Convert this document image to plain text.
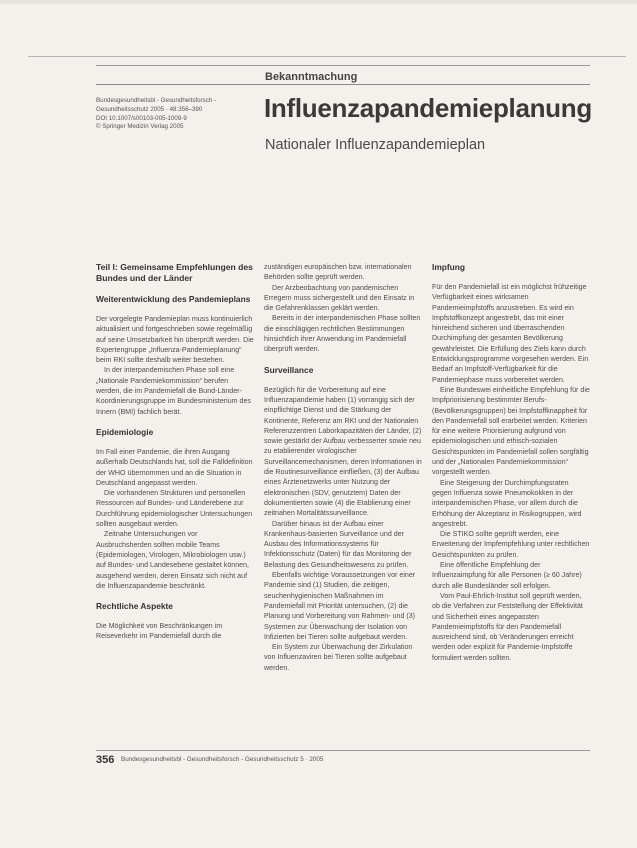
Bekanntmachung
Bundesgesundheitsbl - Gesundheitsforsch -
Gesundheitsschutz 2005 · 48:356–390
DOI 10.1007/s00103-005-1009-9
© Springer Medizin Verlag 2005
Influenzapandemieplanung
Nationaler Influenzapandemieplan
Teil I: Gemeinsame Empfehlungen des Bundes und der Länder
Weiterentwicklung des Pandemieplans

Der vorgelegte Pandemieplan muss kontinuierlich aktualisiert und fortgeschrieben sowie regelmäßig auf seine Umsetzbarkeit hin überprüft werden. Die Expertengruppe „Influenza-Pandemieplanung“ beim RKI sollte deshalb weiter bestehen.

In der interpandemischen Phase soll eine „Nationale Pandemiekommission“ berufen werden, die im Pandemiefall die Bund-Länder-Koordinierungsgruppe im Bundesministerium des Innern (BMI) fachlich berät.

Epidemiologie

Im Fall einer Pandemie, die ihren Ausgang außerhalb Deutschlands hat, soll die Falldefinition der WHO übernommen und an die Situation in Deutschland angepasst werden.

Die vorhandenen Strukturen und personellen Ressourcen auf Bundes- und Länderebene zur Durchführung epidemiologischer Untersuchungen sollten ausgebaut werden.

Zeitnahe Untersuchungen vor Ausbruchsherden sollten mobile Teams (Epidemiologen, Virologen, Mikrobiologen usw.) auf Bundes- und Landesebene gestaltet können, ausgehend werden, deren Einsatz sich nicht auf die Influenzapandemie beschränkt.

Rechtliche Aspekte

Die Möglichkeit von Beschränkungen im Reiseverkehr im Pandemiefall durch die

zuständigen europäischen bzw. internationalen Behörden sollte geprüft werden.

Der Arzbeobachtung von pandemischen Erregern muss sichergestellt und den Einsatz in die Gefahrenklassen geklärt werden.

Bereits in der interpandemischen Phase sollten die einschlägigen rechtlichen Bestimmungen hinsichtlich ihrer Anwendung im Pandemiefall überprüft werden.

Surveillance

Bezüglich für die Vorbereitung auf eine Influenzapandemie haben (1) vorrangig sich der einpflichtige Dienst und die Stärkung der Kontinente, Referenz am RKI und der Nationalen Referenzzentren Laborkapazitäten der Länder, (2) sowie gestärkt der Aufbau verbesserter sowie neu zu etablierender virologischer Surveillancemechanismen, deren Informationen in die Routinesurveillance einfließen, (3) der Aufbau eines Ärztenetzwerks unter Nutzung der elektronischen (SDV, genutztem) Daten der dokumentierten sowie (4) die Etablierung einer zeitnahen Mortalitätssurveillance.

Darüber hinaus ist der Aufbau einer Krankenhaus-basierten Surveillance und der Ausbau des Informationssystems für Infektionsschutz (Daten) für das Monitoring der Belastung des Gesundheitswesens zu prüfen.

Ebenfalls wichtige Voraussetzungen vor einer Pandemie sind (1) Studien, die zeitigen, seuchenhygienischen Maßnahmen im Pandemiefall mit Priorität untersuchen, (2) die Planung und Vorbereitung von Rahmen- und (3) Systemen zur Überwachung der Isolation von Infizierten bei Tieren sollte aufgebaut werden.

Ein System zur Überwachung der Zirkulation von Influenzaviren bei Tieren sollte aufgebaut werden.

Impfung

Für den Pandemiefall ist ein möglichst frühzeitige Verfügbarkeit eines wirksamen Pandemieimpfstoffs anzustreben. Es wird ein Impfstoffkonzept angestrebt, das mit einer hinreichend sicheren und überraschenden Durchimpfung der gesamten Bevölkerung gewährleistet. Die Erfüllung des Ziels kann durch Entwicklungsprogramme vorgesehen werden. Ein Bedarf an Impfstoff-Verfügbarkeit für die Pandemiephase muss vorbereitet werden.

Eine Bundeswei einheitliche Empfehlung für die Impfpriorisierung bestimmter Berufs- (Bevölkerungsgruppen) bei Impfstoffknappheit für den Pandemiefall soll erarbeitet werden. Kriterien für eine weitere Priorisierung aufgrund von epidemiologischen und ethisch-sozialen Gesichtspunkten im Pandemiefall sollen sorgfältig und der „Nationalen Pandemiekommission“ vorgestellt werden.

Eine Steigerung der Durchimpfungsraten gegen Influenza sowie Pneumokokken in der interpandemischen Phase, vor allem durch die Erhöhung der Akzeptanz in Risikogruppen, wird angestrebt.

Die STIKO sollte geprüft werden, eine Erweiterung der Impfempfehlung unter rechtlichen Gesichtspunkten zu prüfen.

Eine öffentliche Empfehlung der Influenzaimpfung für alle Personen (≥ 60 Jahre) durch alle Bundesländer soll erfolgen.

Vom Paul-Ehrlich-Institut soll geprüft werden, ob die Verfahren zur Feststellung der Effektivität und Sicherheit eines angepassten Pandemieimpfstoffs für den Pandemiefall ausreichend sind, ob Veränderungen erreicht werden oder explizit für Pandemie-Impfstoffe formuliert werden sollten.

356 Bundesgesundheitsbl - Gesundheitsforsch - Gesundheitsschutz 5 · 2005
